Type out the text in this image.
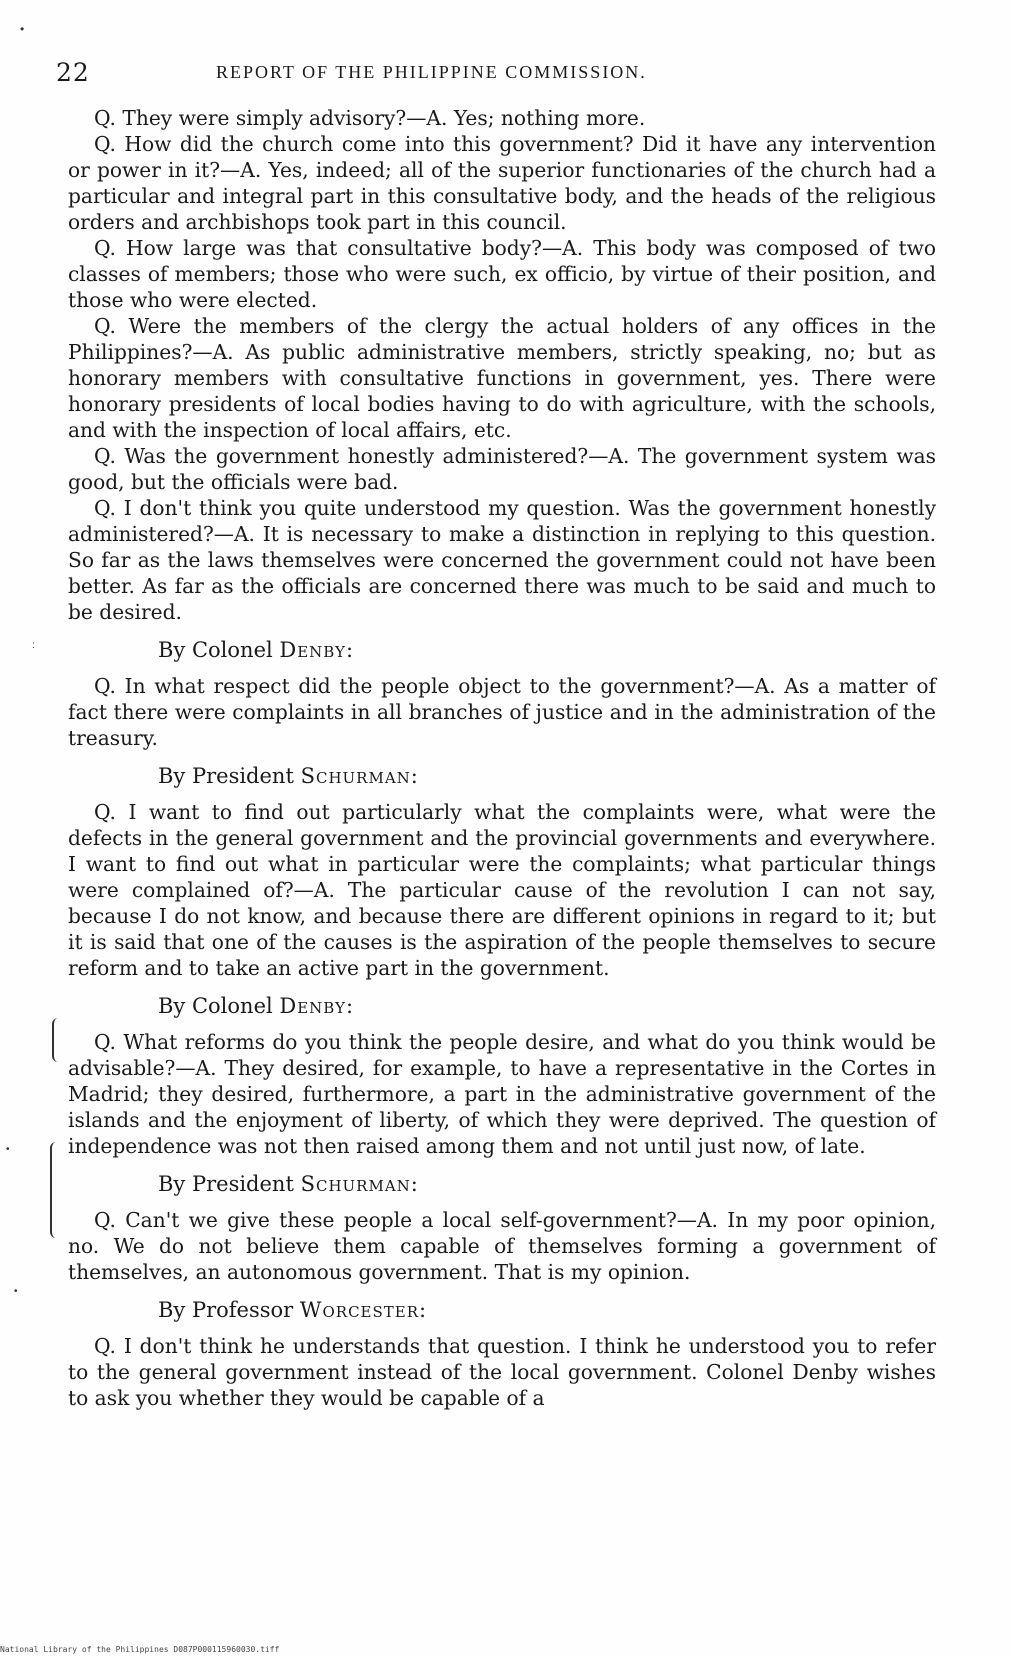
22	REPORT OF THE PHILIPPINE COMMISSION.

Q. They were simply advisory?—A. Yes; nothing more.

Q. How did the church come into this government? Did it have any intervention or power in it?—A. Yes, indeed; all of the superior functionaries of the church had a particular and integral part in this consultative body, and the heads of the religious orders and archbishops took part in this council.

Q. How large was that consultative body?—A. This body was composed of two classes of members; those who were such, ex officio, by virtue of their position, and those who were elected.

Q. Were the members of the clergy the actual holders of any offices in the Philippines?—A. As public administrative members, strictly speaking, no; but as honorary members with consultative functions in government, yes. There were honorary presidents of local bodies having to do with agriculture, with the schools, and with the inspection of local affairs, etc.

Q. Was the government honestly administered?—A. The government system was good, but the officials were bad.

Q. I don't think you quite understood my question. Was the government honestly administered?—A. It is necessary to make a distinction in replying to this question. So far as the laws themselves were concerned the government could not have been better. As far as the officials are concerned there was much to be said and much to be desired.

By Colonel Denby:

Q. In what respect did the people object to the government?—A. As a matter of fact there were complaints in all branches of justice and in the administration of the treasury.

By President Schurman:

Q. I want to find out particularly what the complaints were, what were the defects in the general government and the provincial governments and everywhere. I want to find out what in particular were the complaints; what particular things were complained of?—A. The particular cause of the revolution I can not say, because I do not know, and because there are different opinions in regard to it; but it is said that one of the causes is the aspiration of the people themselves to secure reform and to take an active part in the government.

By Colonel Denby:

Q. What reforms do you think the people desire, and what do you think would be advisable?—A. They desired, for example, to have a representative in the Cortes in Madrid; they desired, furthermore, a part in the administrative government of the islands and the enjoyment of liberty, of which they were deprived. The question of independence was not then raised among them and not until just now, of late.

By President Schurman:

Q. Can't we give these people a local self-government?—A. In my poor opinion, no. We do not believe them capable of themselves forming a government of themselves, an autonomous government. That is my opinion.

By Professor Worcester:

Q. I don't think he understands that question. I think he understood you to refer to the general government instead of the local government. Colonel Denby wishes to ask you whether they would be capable of a

•
•
•
:
National Library of the Philippines D087P000115960030.tiff
